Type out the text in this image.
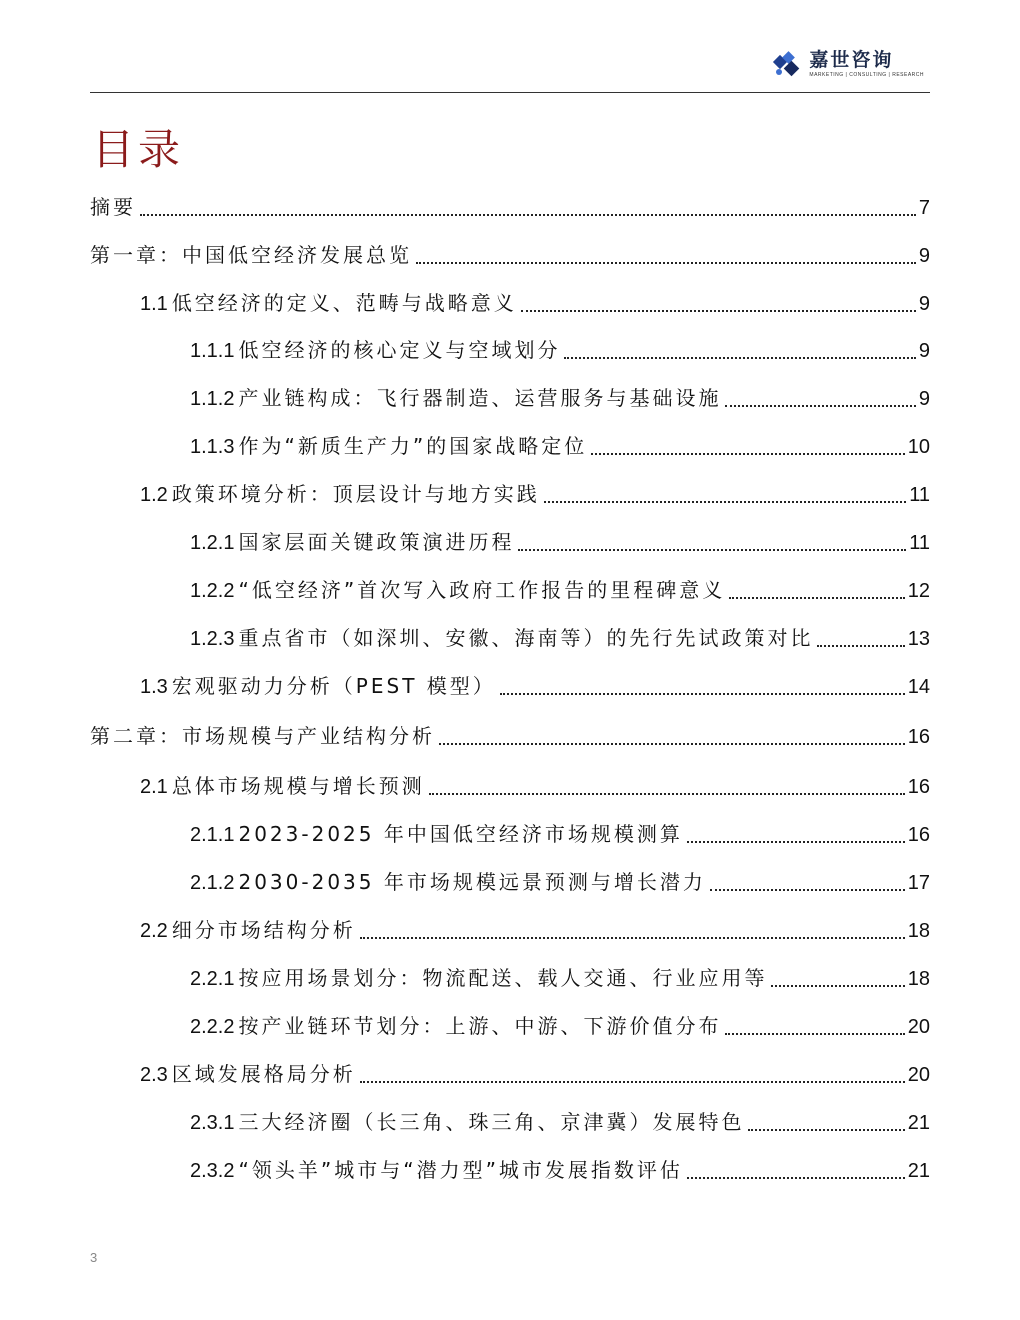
嘉世咨询
MARKETING | CONSULTING | RESEARCH
目录
摘要	7
第一章：中国低空经济发展总览	9
1.1 低空经济的定义、范畴与战略意义	9
1.1.1 低空经济的核心定义与空域划分	9
1.1.2 产业链构成：飞行器制造、运营服务与基础设施	9
1.1.3 作为“新质生产力”的国家战略定位	10
1.2 政策环境分析：顶层设计与地方实践	11
1.2.1 国家层面关键政策演进历程	11
1.2.2 “低空经济”首次写入政府工作报告的里程碑意义	12
1.2.3 重点省市（如深圳、安徽、海南等）的先行先试政策对比	13
1.3 宏观驱动力分析（PEST 模型）	14
第二章：市场规模与产业结构分析	16
2.1 总体市场规模与增长预测	16
2.1.1 2023-2025 年中国低空经济市场规模测算	16
2.1.2 2030-2035 年市场规模远景预测与增长潜力	17
2.2 细分市场结构分析	18
2.2.1 按应用场景划分：物流配送、载人交通、行业应用等	18
2.2.2 按产业链环节划分：上游、中游、下游价值分布	20
2.3 区域发展格局分析	20
2.3.1 三大经济圈（长三角、珠三角、京津冀）发展特色	21
2.3.2 “领头羊”城市与“潜力型”城市发展指数评估	21
3
